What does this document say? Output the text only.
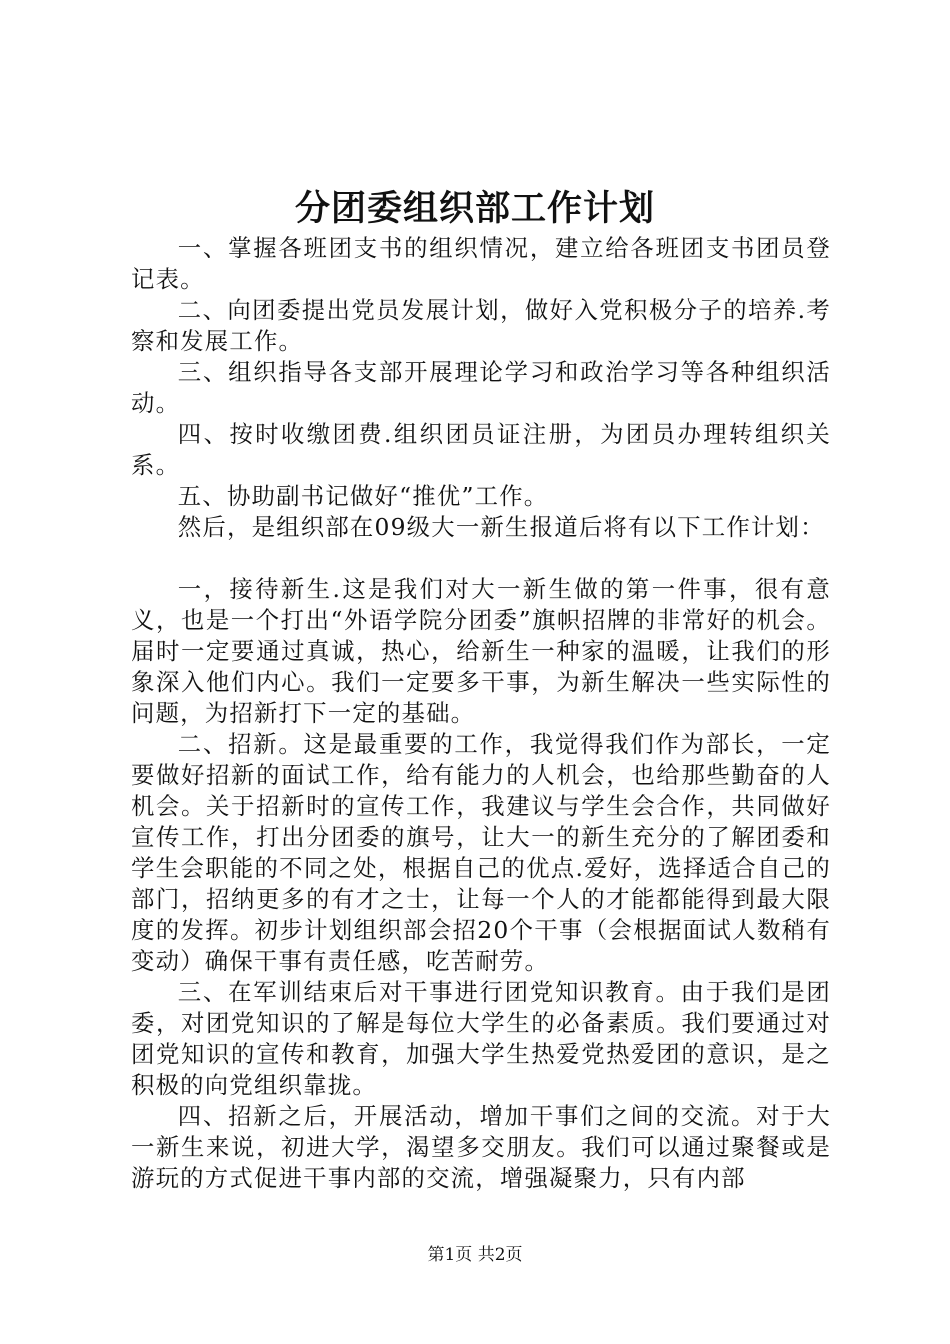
分团委组织部工作计划

一、掌握各班团支书的组织情况，建立给各班团支书团员登记表。

二、向团委提出党员发展计划，做好入党积极分子的培养.考察和发展工作。

三、组织指导各支部开展理论学习和政治学习等各种组织活动。

四、按时收缴团费.组织团员证注册，为团员办理转组织关系。

五、协助副书记做好“推优”工作。

然后，是组织部在09级大一新生报道后将有以下工作计划：

一，接待新生.这是我们对大一新生做的第一件事，很有意义，也是一个打出“外语学院分团委”旗帜招牌的非常好的机会。届时一定要通过真诚，热心，给新生一种家的温暖，让我们的形象深入他们内心。我们一定要多干事，为新生解决一些实际性的问题，为招新打下一定的基础。

二、招新。这是最重要的工作，我觉得我们作为部长，一定要做好招新的面试工作，给有能力的人机会，也给那些勤奋的人机会。关于招新时的宣传工作，我建议与学生会合作，共同做好宣传工作，打出分团委的旗号，让大一的新生充分的了解团委和学生会职能的不同之处，根据自己的优点.爱好，选择适合自己的部门，招纳更多的有才之士，让每一个人的才能都能得到最大限度的发挥。初步计划组织部会招20个干事（会根据面试人数稍有变动）确保干事有责任感，吃苦耐劳。

三、在军训结束后对干事进行团党知识教育。由于我们是团委，对团党知识的了解是每位大学生的必备素质。我们要通过对团党知识的宣传和教育，加强大学生热爱党热爱团的意识，是之积极的向党组织靠拢。

四、招新之后，开展活动，增加干事们之间的交流。对于大一新生来说，初进大学，渴望多交朋友。我们可以通过聚餐或是游玩的方式促进干事内部的交流，增强凝聚力，只有内部

第1页 共2页
